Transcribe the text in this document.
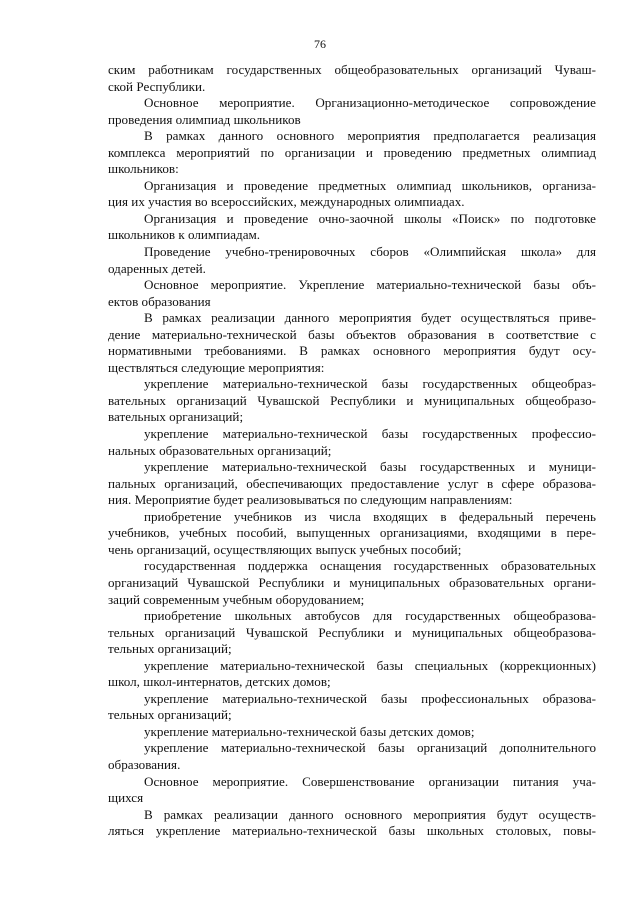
76
ским работникам государственных общеобразовательных организаций Чуваш-
ской Республики.
Основное мероприятие. Организационно-методическое сопровождение
проведения олимпиад школьников
В рамках данного основного мероприятия предполагается реализация
комплекса мероприятий по организации и проведению предметных олимпиад
школьников:
Организация и проведение предметных олимпиад школьников, организа-
ция их участия во всероссийских, международных олимпиадах.
Организация и проведение очно-заочной школы «Поиск» по подготовке
школьников к олимпиадам.
Проведение учебно-тренировочных сборов «Олимпийская школа» для
одаренных детей.
Основное мероприятие. Укрепление материально-технической базы объ-
ектов образования
В рамках реализации данного мероприятия будет осуществляться приве-
дение материально-технической базы объектов образования в соответствие с
нормативными требованиями. В рамках основного мероприятия будут осу-
ществляться следующие мероприятия:
укрепление материально-технической базы государственных общеобраз-
вательных организаций Чувашской Республики и муниципальных общеобразо-
вательных организаций;
укрепление материально-технической базы государственных профессио-
нальных образовательных организаций;
укрепление материально-технической базы государственных и муници-
пальных организаций, обеспечивающих предоставление услуг в сфере образова-
ния. Мероприятие будет реализовываться по следующим направлениям:
приобретение учебников из числа входящих в федеральный перечень
учебников, учебных пособий, выпущенных организациями, входящими в пере-
чень организаций, осуществляющих выпуск учебных пособий;
государственная поддержка оснащения государственных образовательных
организаций Чувашской Республики и муниципальных образовательных органи-
заций современным учебным оборудованием;
приобретение школьных автобусов для государственных общеобразова-
тельных организаций Чувашской Республики и муниципальных общеобразова-
тельных организаций;
укрепление материально-технической базы специальных (коррекционных)
школ, школ-интернатов, детских домов;
укрепление материально-технической базы профессиональных образова-
тельных организаций;
укрепление материально-технической базы детских домов;
укрепление материально-технической базы организаций дополнительного
образования.
Основное мероприятие. Совершенствование организации питания уча-
щихся
В рамках реализации данного основного мероприятия будут осуществ-
ляться укрепление материально-технической базы школьных столовых, повы-
